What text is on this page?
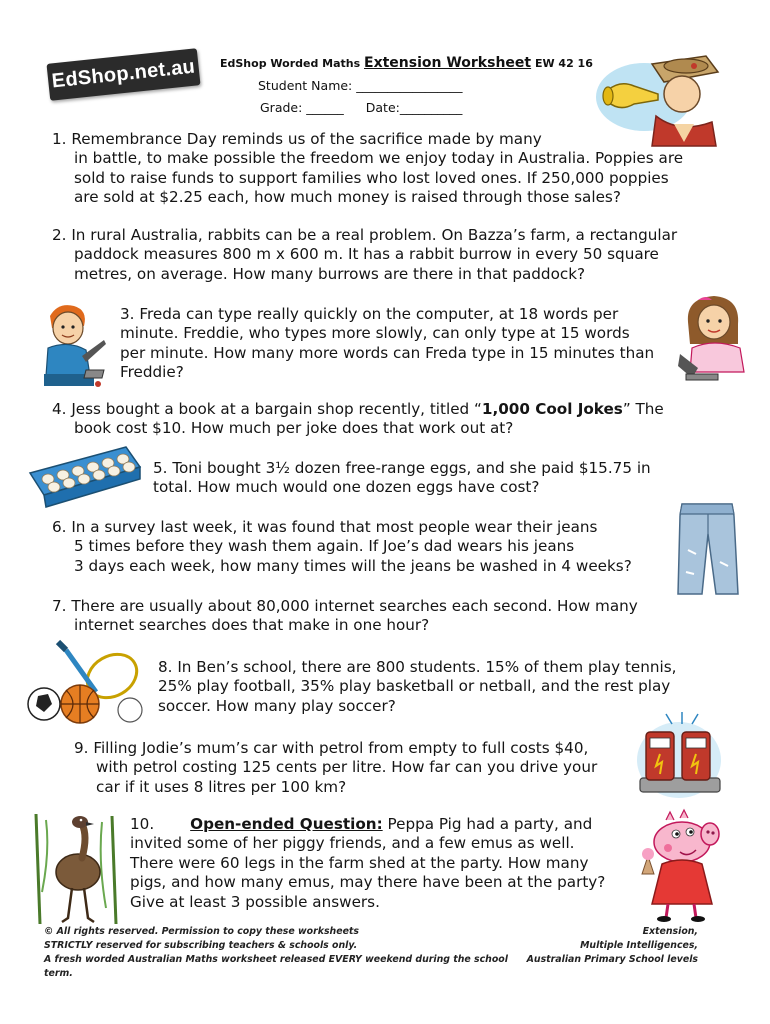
EdShop.net.au	EdShop Worded Maths Extension Worksheet EW 42 16
Student Name: _________________
Grade: ______ Date:__________
1. Remembrance Day reminds us of the sacrifice made by many
in battle, to make possible the freedom we enjoy today in Australia. Poppies are
sold to raise funds to support families who lost loved ones. If 250,000 poppies
are sold at $2.25 each, how much money is raised through those sales?
2. In rural Australia, rabbits can be a real problem. On Bazza’s farm, a rectangular
paddock measures 800 m x 600 m. It has a rabbit burrow in every 50 square
metres, on average. How many burrows are there in that paddock?
3. Freda can type really quickly on the computer, at 18 words per
minute. Freddie, who types more slowly, can only type at 15 words
per minute. How many more words can Freda type in 15 minutes than
Freddie?
4. Jess bought a book at a bargain shop recently, titled “1,000 Cool Jokes” The
book cost $10. How much per joke does that work out at?
5. Toni bought 3½ dozen free-range eggs, and she paid $15.75 in
total. How much would one dozen eggs have cost?
6. In a survey last week, it was found that most people wear their jeans
5 times before they wash them again. If Joe’s dad wears his jeans
3 days each week, how many times will the jeans be washed in 4 weeks?
7. There are usually about 80,000 internet searches each second. How many
internet searches does that make in one hour?
8. In Ben’s school, there are 800 students. 15% of them play tennis,
25% play football, 35% play basketball or netball, and the rest play
soccer. How many play soccer?
9. Filling Jodie’s mum’s car with petrol from empty to full costs $40,
with petrol costing 125 cents per litre. How far can you drive your
car if it uses 8 litres per 100 km?
10. Open-ended Question: Peppa Pig had a party, and
invited some of her piggy friends, and a few emus as well.
There were 60 legs in the farm shed at the party. How many
pigs, and how many emus, may there have been at the party?
Give at least 3 possible answers.
© All rights reserved. Permission to copy these worksheets
STRICTLY reserved for subscribing teachers & schools only.
A fresh worded Australian Maths worksheet released EVERY weekend during the school term.
Extension,
Multiple Intelligences,
Australian Primary School levels
